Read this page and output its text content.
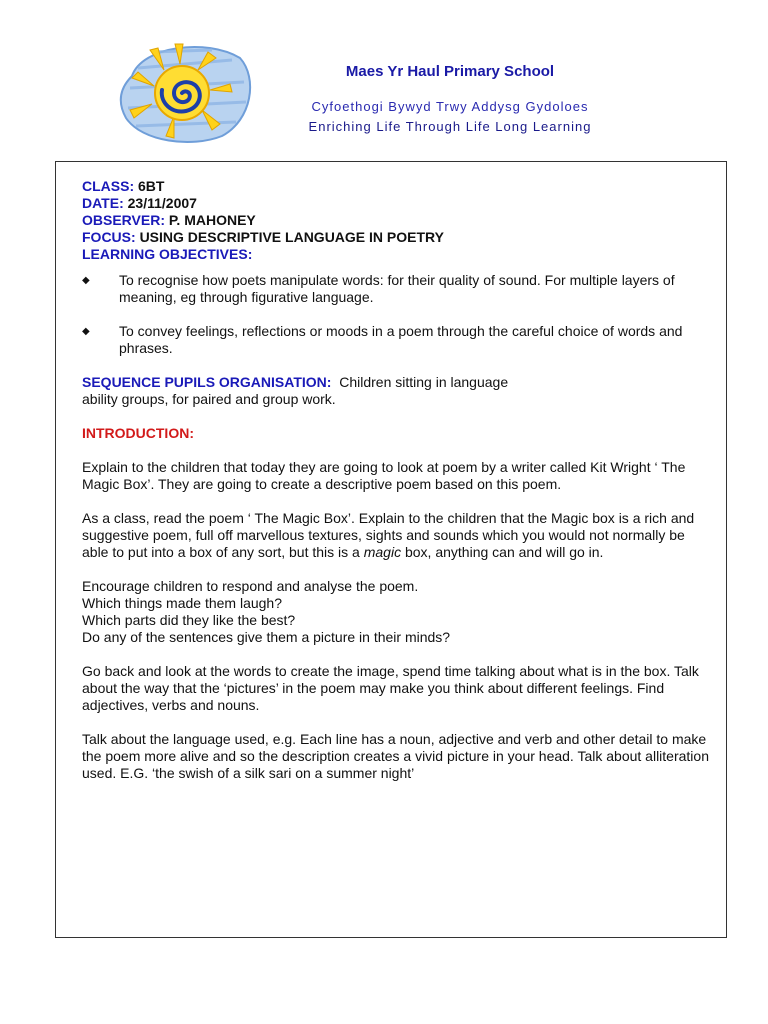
Maes Yr Haul Primary School
Cyfoethogi Bywyd Trwy Addysg Gydoloes
Enriching Life Through Life Long Learning
CLASS: 6BT
DATE: 23/11/2007
OBSERVER: P. MAHONEY
FOCUS: USING DESCRIPTIVE LANGUAGE IN POETRY
LEARNING OBJECTIVES:
◆ To recognise how poets manipulate words: for their quality of sound. For multiple layers of meaning, eg through figurative language.
◆ To convey feelings, reflections or moods in a poem through the careful choice of words and phrases.

SEQUENCE PUPILS ORGANISATION: Children sitting in language
ability groups, for paired and group work.

INTRODUCTION:

Explain to the children that today they are going to look at poem by a writer called Kit Wright ‘ The Magic Box’. They are going to create a descriptive poem based on this poem.

As a class, read the poem ‘ The Magic Box’. Explain to the children that the Magic box is a rich and suggestive poem, full off marvellous textures, sights and sounds which you would not normally be able to put into a box of any sort, but this is a magic box, anything can and will go in.

Encourage children to respond and analyse the poem.
Which things made them laugh?
Which parts did they like the best?
Do any of the sentences give them a picture in their minds?

Go back and look at the words to create the image, spend time talking about what is in the box. Talk about the way that the ‘pictures’ in the poem may make you think about different feelings. Find adjectives, verbs and nouns.

Talk about the language used, e.g. Each line has a noun, adjective and verb and other detail to make the poem more alive and so the description creates a vivid picture in your head. Talk about alliteration used. E.G. ‘the swish of a silk sari on a summer night’
